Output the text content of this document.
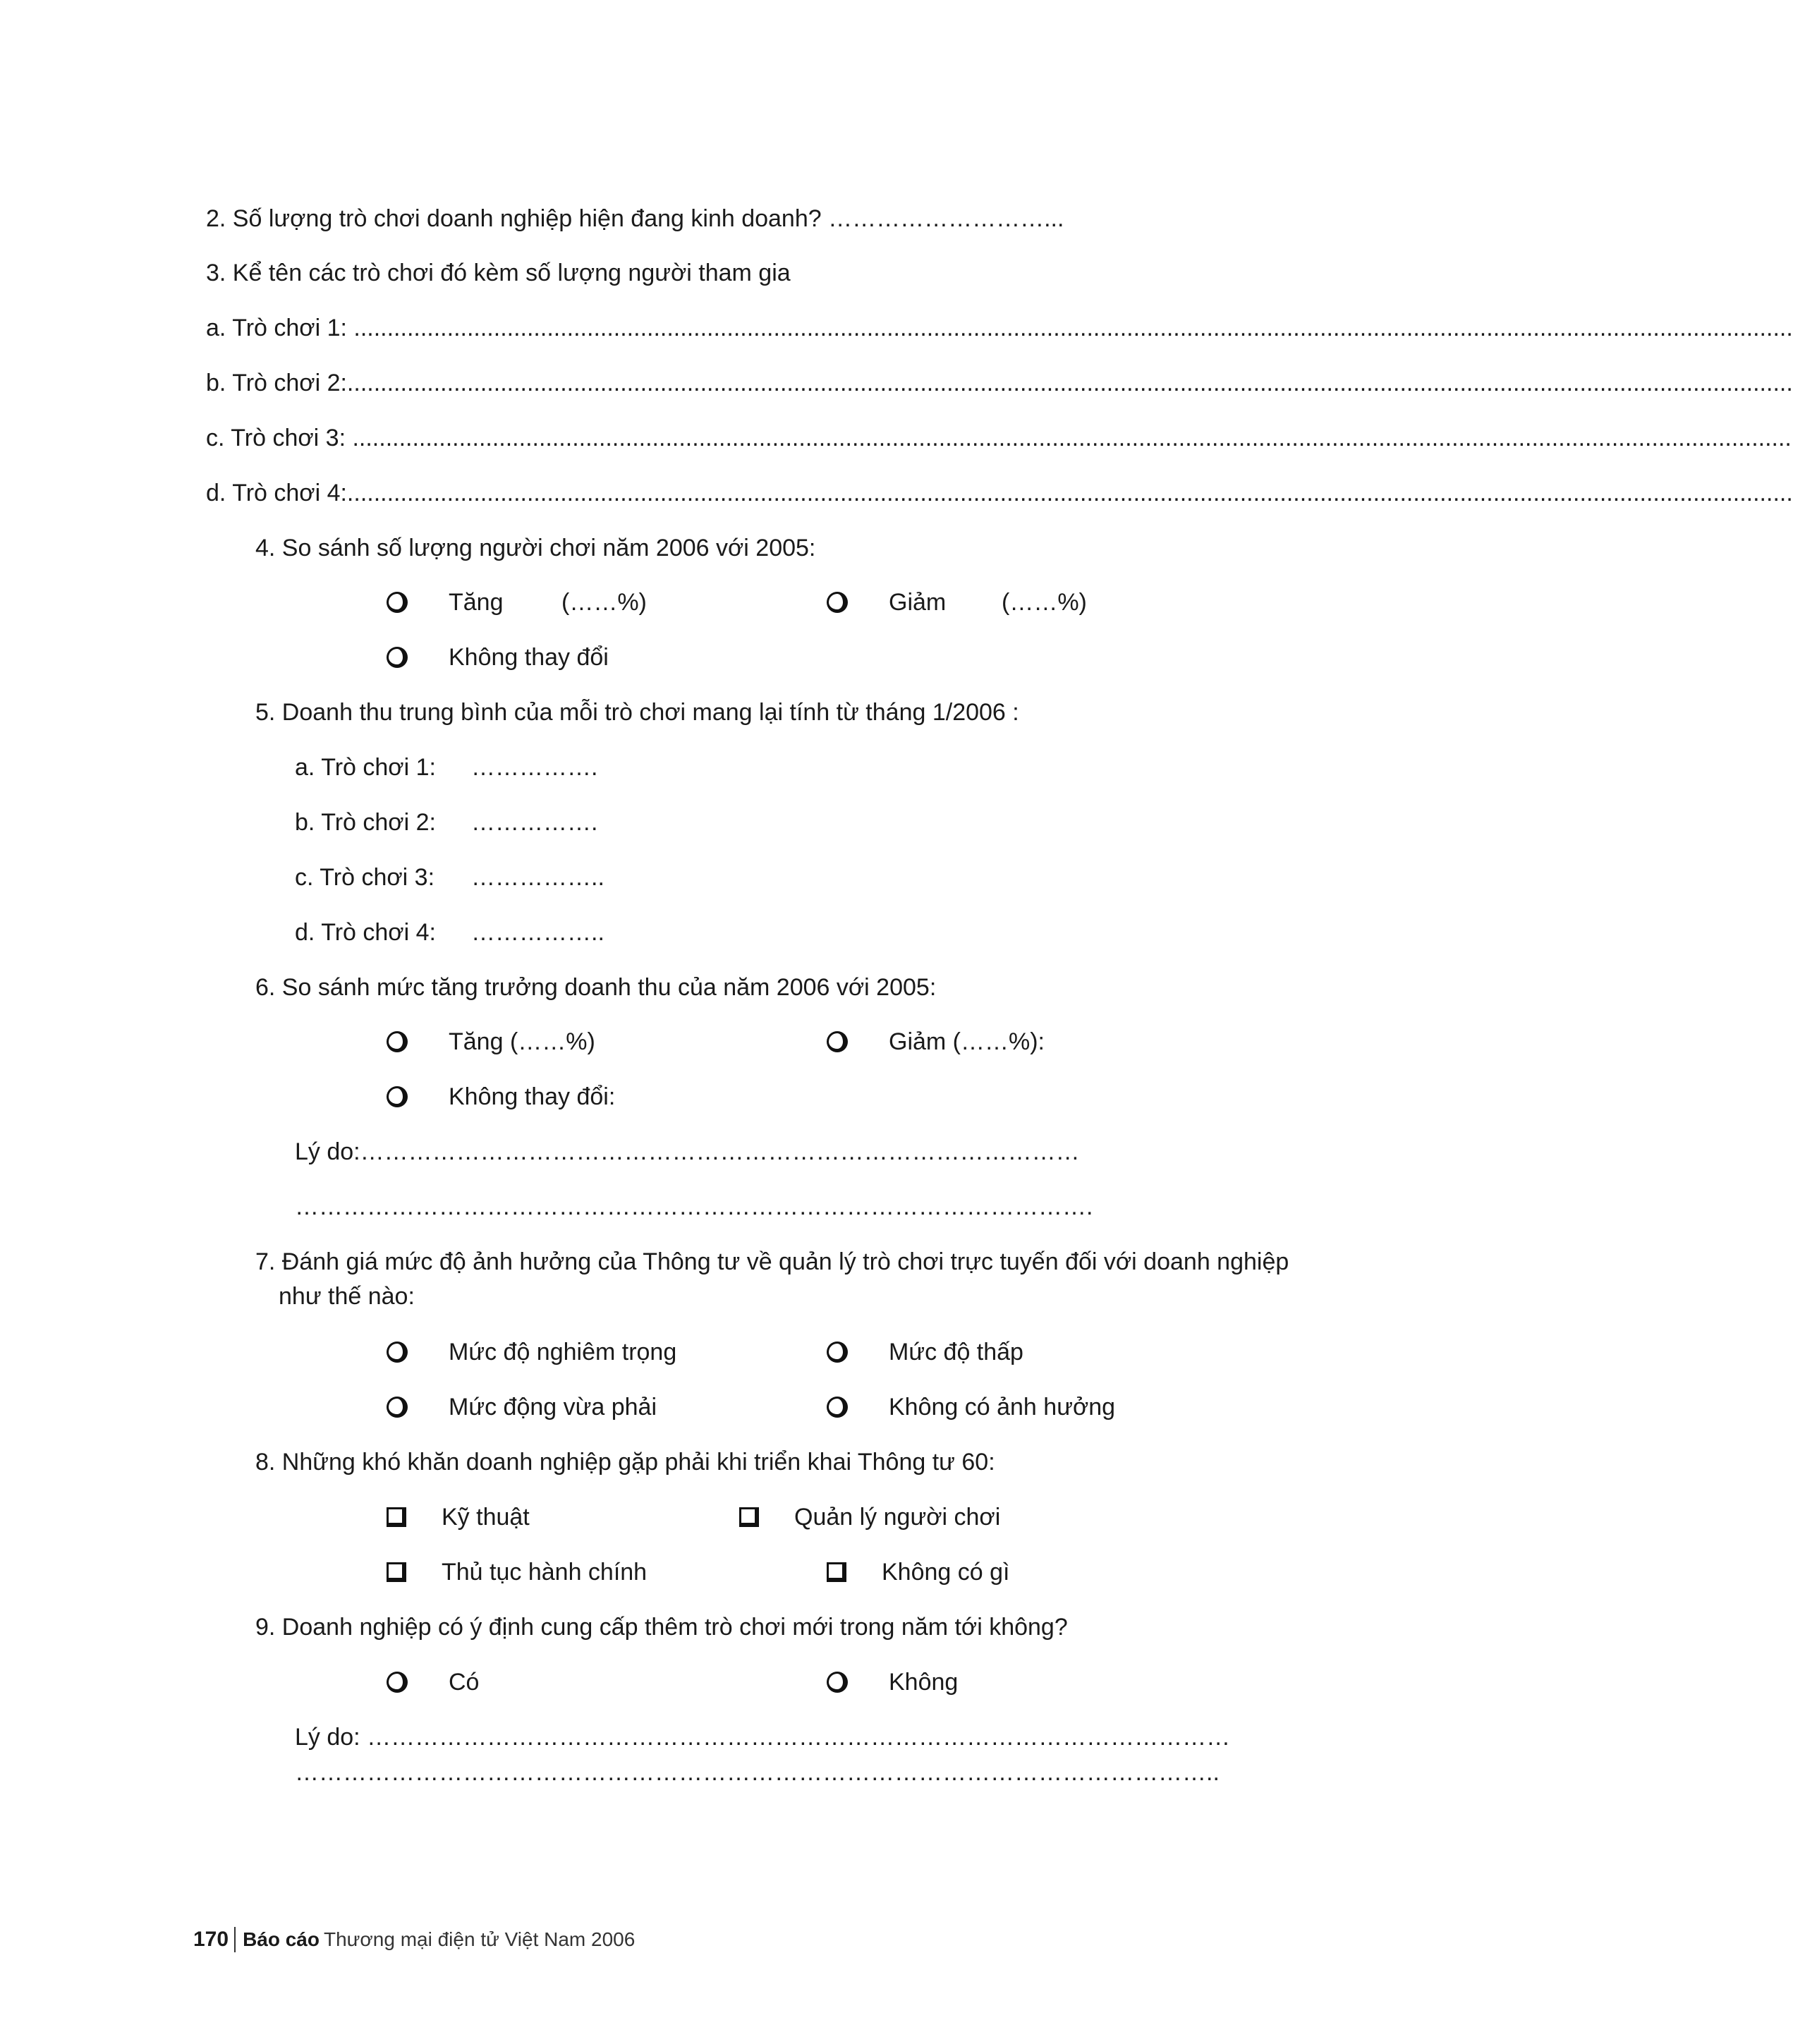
2. Số lượng trò chơi doanh nghiệp hiện đang kinh doanh? ………………………...
3. Kể tên các trò chơi đó kèm số lượng người tham gia
a. Trò chơi 1: ........................................................................................................................................................................................................................
b. Trò chơi 2:.........................................................................................................................................................................................................................
c. Trò chơi 3: ........................................................................................................................................................................................................................
d. Trò chơi 4:.........................................................................................................................................................................................................................
4. So sánh số lượng người chơi năm 2006 với 2005:
Tăng	(……%)	Giảm	(……%)
Không thay đổi
5. Doanh thu trung bình của mỗi trò chơi mang lại tính từ tháng 1/2006 :
a. Trò chơi 1: …………….
b. Trò chơi 2: …………….
c. Trò chơi 3: ……………..
d. Trò chơi 4: ……………..
6. So sánh mức tăng trưởng doanh thu của năm 2006 với 2005:
Tăng (……%)	Giảm (……%):
Không thay đổi:
Lý do:………………………………………………………………………………
……………………………………………………………………………………….
7. Đánh giá mức độ ảnh hưởng của Thông tư về quản lý trò chơi trực tuyến đối với doanh nghiệp
như thế nào:
Mức độ nghiêm trọng	Mức độ thấp
Mức động vừa phải	Không có ảnh hưởng
8. Những khó khăn doanh nghiệp gặp phải khi triển khai Thông tư 60:
Kỹ thuật	Quản lý người chơi
Thủ tục hành chính	Không có gì
9. Doanh nghiệp có ý định cung cấp thêm trò chơi mới trong năm tới không?
Có	Không
Lý do: ………………………………………………………………………………………………
……………………………………………………………………………………………………..
170 Báo cáo Thương mại điện tử Việt Nam 2006
